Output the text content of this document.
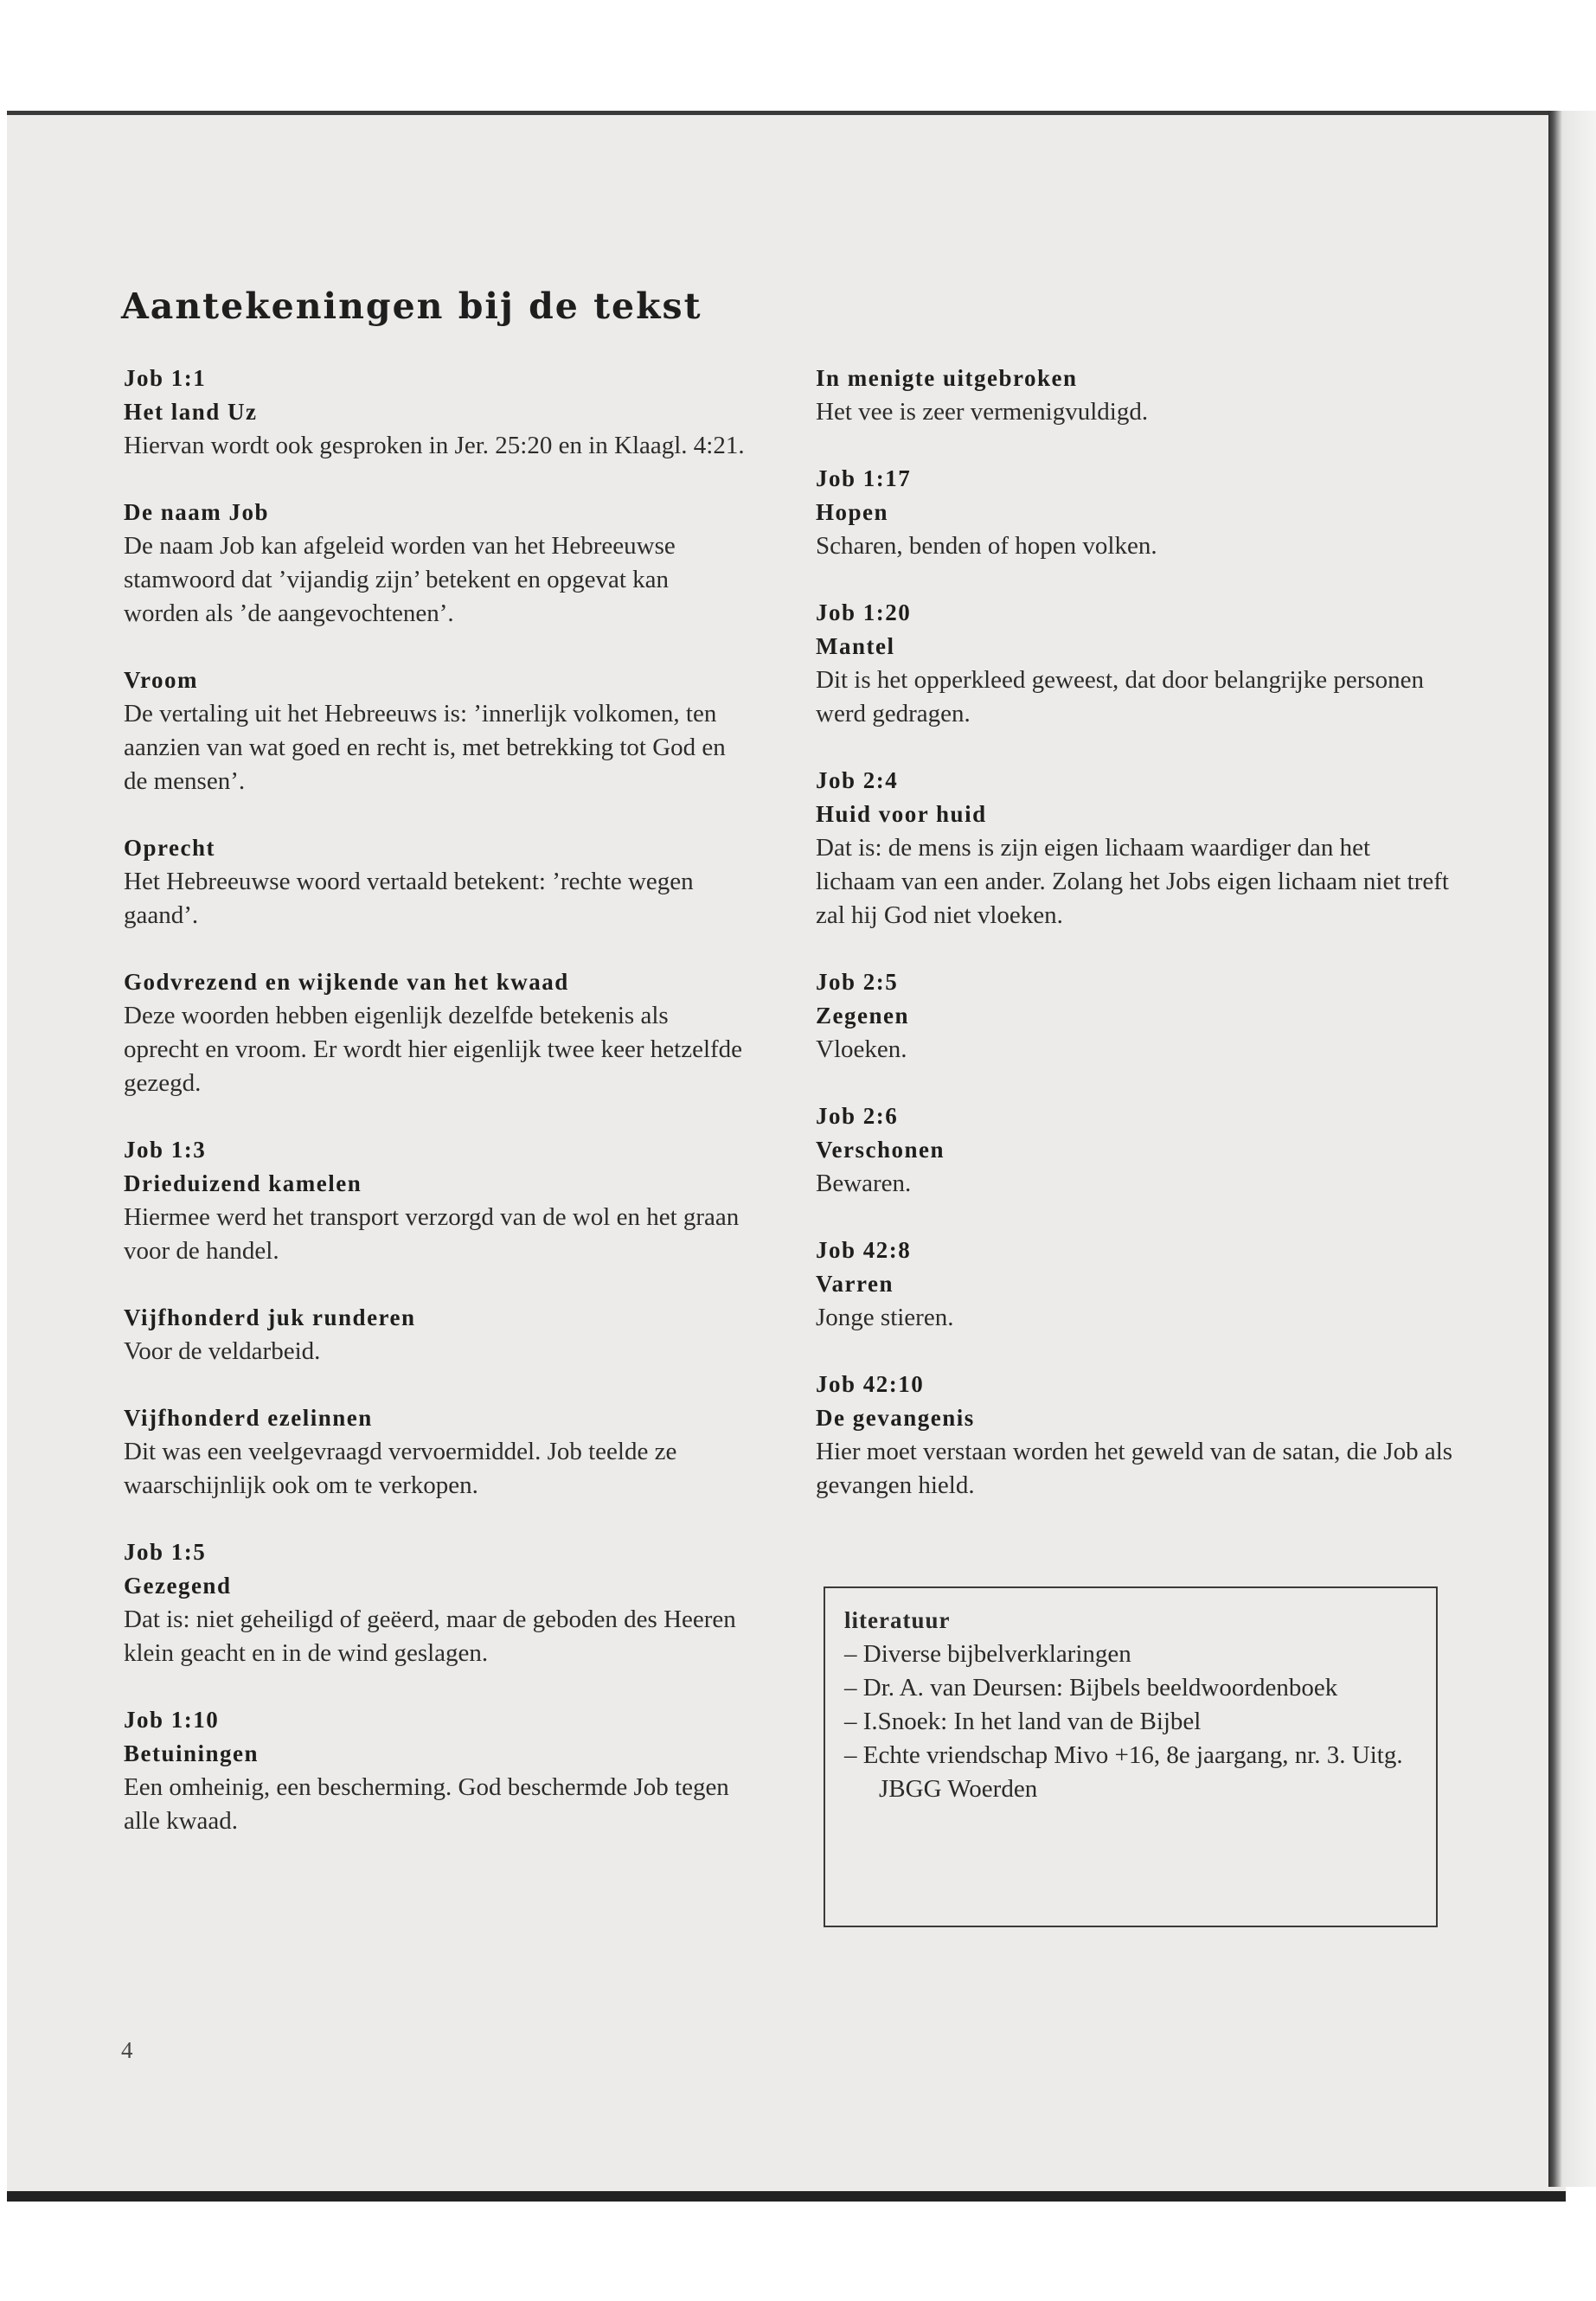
Aantekeningen bij de tekst
Job 1:1
Het land Uz
Hiervan wordt ook gesproken in Jer. 25:20 en in Klaagl. 4:21.
De naam Job
De naam Job kan afgeleid worden van het Hebreeuwse stamwoord dat ’vijandig zijn’ betekent en opgevat kan worden als ’de aangevochtenen’.
Vroom
De vertaling uit het Hebreeuws is: ’innerlijk volkomen, ten aanzien van wat goed en recht is, met betrekking tot God en de mensen’.
Oprecht
Het Hebreeuwse woord vertaald betekent: ’rechte wegen gaand’.
Godvrezend en wijkende van het kwaad
Deze woorden hebben eigenlijk dezelfde betekenis als oprecht en vroom. Er wordt hier eigenlijk twee keer hetzelfde gezegd.
Job 1:3
Drieduizend kamelen
Hiermee werd het transport verzorgd van de wol en het graan voor de handel.
Vijfhonderd juk runderen
Voor de veldarbeid.
Vijfhonderd ezelinnen
Dit was een veelgevraagd vervoermiddel. Job teelde ze waarschijnlijk ook om te verkopen.
Job 1:5
Gezegend
Dat is: niet geheiligd of geëerd, maar de geboden des Heeren klein geacht en in de wind geslagen.
Job 1:10
Betuiningen
Een omheinig, een bescherming. God beschermde Job tegen alle kwaad.
In menigte uitgebroken
Het vee is zeer vermenigvuldigd.
Job 1:17
Hopen
Scharen, benden of hopen volken.
Job 1:20
Mantel
Dit is het opperkleed geweest, dat door belangrijke personen werd gedragen.
Job 2:4
Huid voor huid
Dat is: de mens is zijn eigen lichaam waardiger dan het lichaam van een ander. Zolang het Jobs eigen lichaam niet treft zal hij God niet vloeken.
Job 2:5
Zegenen
Vloeken.
Job 2:6
Verschonen
Bewaren.
Job 42:8
Varren
Jonge stieren.
Job 42:10
De gevangenis
Hier moet verstaan worden het geweld van de satan, die Job als gevangen hield.
literatuur
– Diverse bijbelverklaringen
– Dr. A. van Deursen: Bijbels beeldwoordenboek
– I.Snoek: In het land van de Bijbel
– Echte vriendschap Mivo +16, 8e jaargang, nr. 3. Uitg. JBGG Woerden
4
